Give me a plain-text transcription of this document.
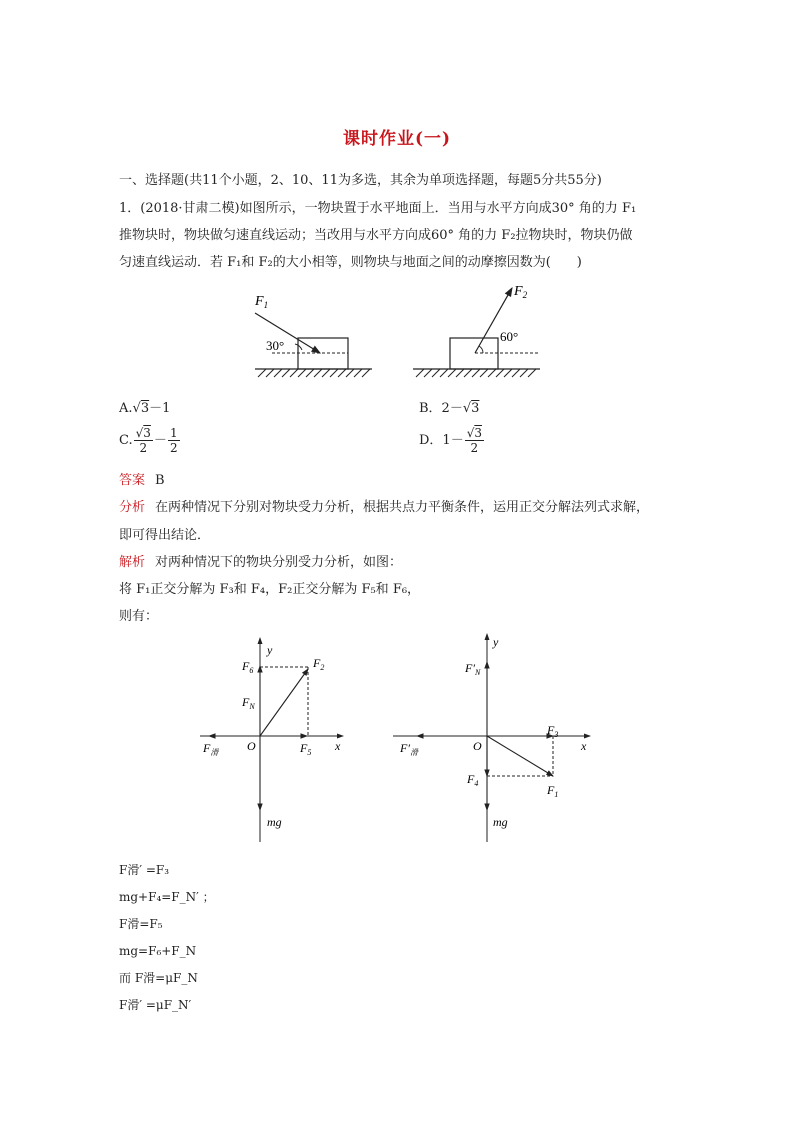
课时作业(一)
一、选择题(共11个小题，2、10、11为多选，其余为单项选择题，每题5分共55分)
1．(2018·甘肃二模)如图所示，一物块置于水平地面上．当用与水平方向成30° 角的力 F₁
推物块时，物块做匀速直线运动；当改用与水平方向成60° 角的力 F₂拉物块时，物块仍做
匀速直线运动．若 F₁和 F₂的大小相等，则物块与地面之间的动摩擦因数为(　　)
$F_1$
30°
$F_2$
60°
A.√3－1	B．2－√3
C. $\frac{√3}{2} - \frac{1}{2}$	D．$1- \frac{√3}{2}$
答案 B
分析 在两种情况下分别对物块受力分析，根据共点力平衡条件，运用正交分解法列式求解，
即可得出结论．
解析 对两种情况下的物块分别受力分析，如图：
将 F₁正交分解为 F₃和 F₄，F₂正交分解为 F₅和 F₆，
则有：
y
x
O
$F_6$
$F_2$
$F_N$
$F_5$
$F_滑$
mg
y
x
O
$F'_N$
$F_3$
$F'_滑$
$F_4$	$F_1$
mg
F滑′ =F₃
mg+F₄=F_N′ ；
F滑=F₅
mg=F₆+F_N
而 F滑=μF_N
F滑′ =μF_N′
